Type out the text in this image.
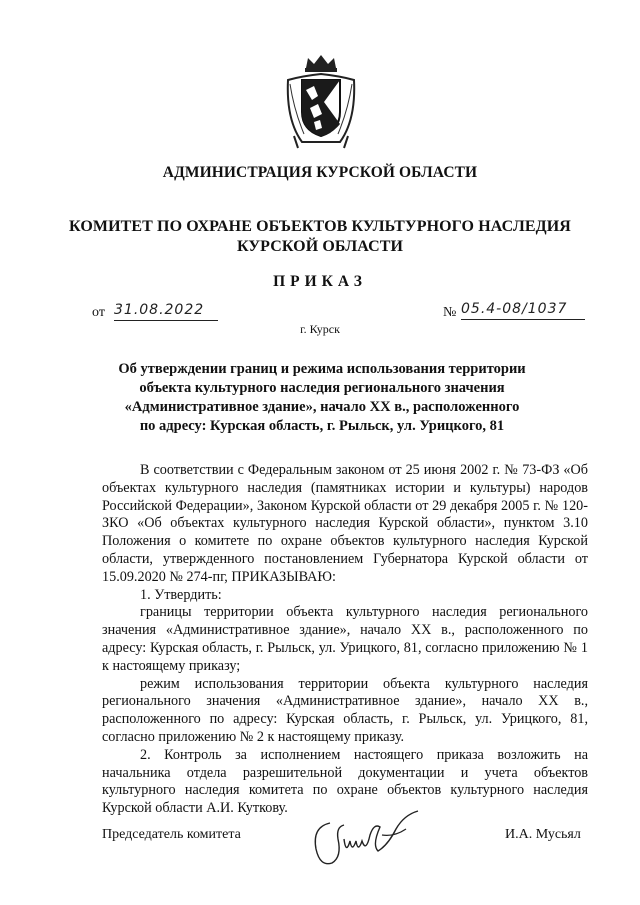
АДМИНИСТРАЦИЯ КУРСКОЙ ОБЛАСТИ
КОМИТЕТ ПО ОХРАНЕ ОБЪЕКТОВ КУЛЬТУРНОГО НАСЛЕДИЯ
КУРСКОЙ ОБЛАСТИ
ПРИКАЗ
от 31.08.2022	№ 05.4-08/1037
г. Курск
Об утверждении границ и режима использования территории
объекта культурного наследия регионального значения
«Административное здание», начало XX в., расположенного
по адресу: Курская область, г. Рыльск, ул. Урицкого, 81

В соответствии с Федеральным законом от 25 июня 2002 г. № 73-ФЗ «Об объектах культурного наследия (памятниках истории и культуры) народов Российской Федерации», Законом Курской области от 29 декабря 2005 г. № 120-ЗКО «Об объектах культурного наследия Курской области», пунктом 3.10 Положения о комитете по охране объектов культурного наследия Курской области, утвержденного постановлением Губернатора Курской области от 15.09.2020 № 274-пг, ПРИКАЗЫВАЮ:

1. Утвердить:

границы территории объекта культурного наследия регионального значения «Административное здание», начало XX в., расположенного по адресу: Курская область, г. Рыльск, ул. Урицкого, 81, согласно приложению № 1 к настоящему приказу;

режим использования территории объекта культурного наследия регионального значения «Административное здание», начало XX в., расположенного по адресу: Курская область, г. Рыльск, ул. Урицкого, 81, согласно приложению № 2 к настоящему приказу.

2. Контроль за исполнением настоящего приказа возложить на начальника отдела разрешительной документации и учета объектов культурного наследия комитета по охране объектов культурного наследия Курской области А.И. Куткову.

Председатель комитета	И.А. Мусьял
